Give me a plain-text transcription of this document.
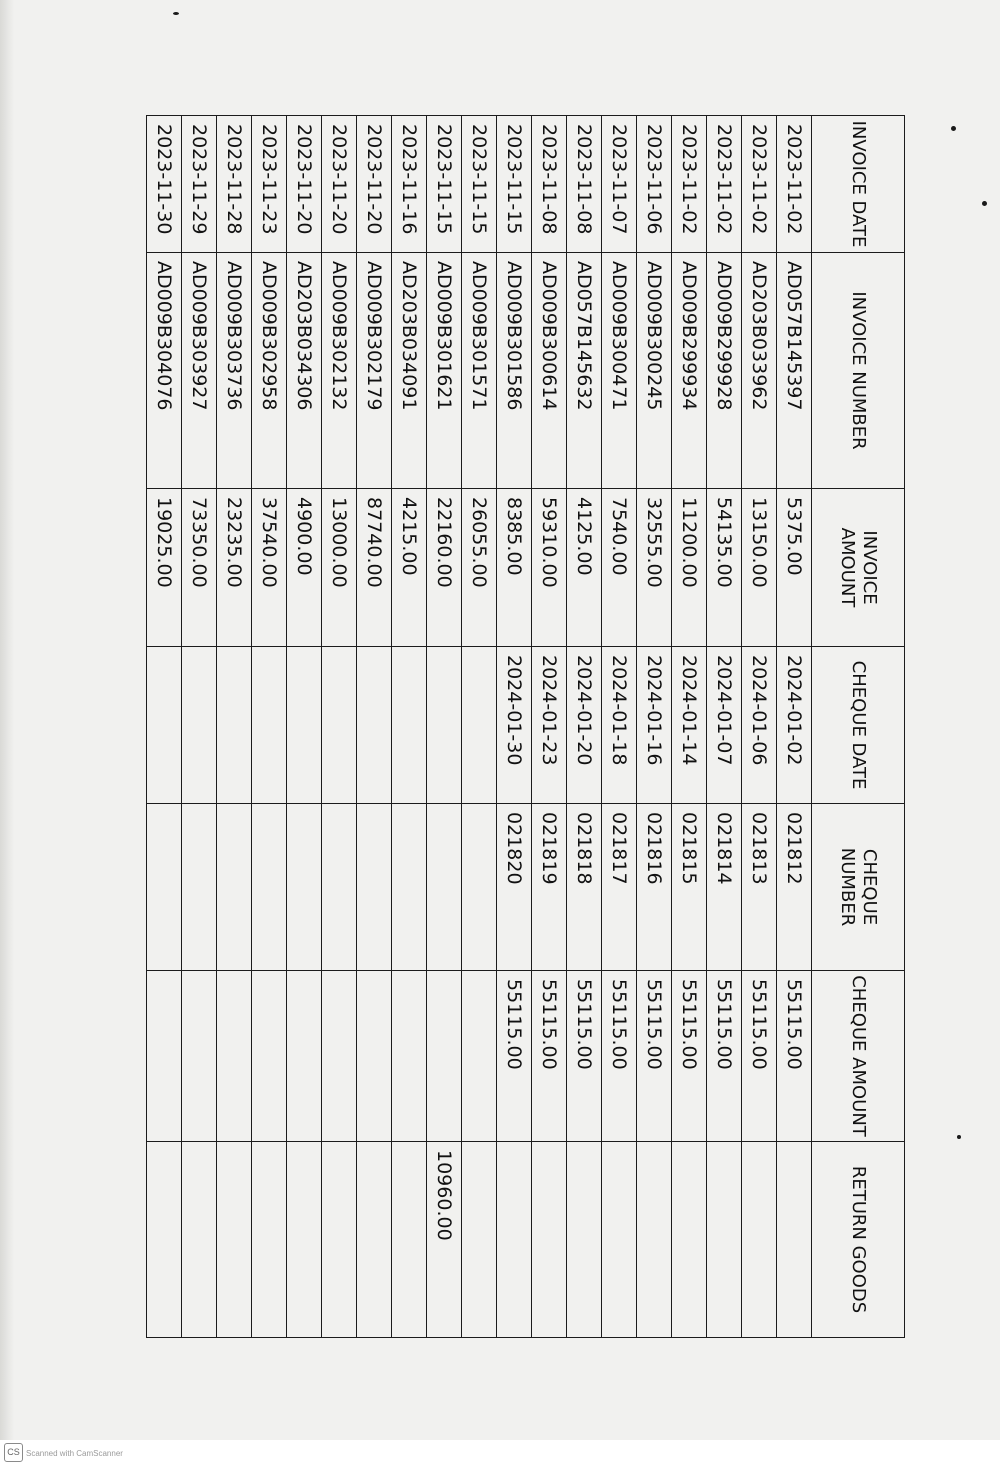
INVOICE DATE	INVOICE NUMBER	INVOICE AMOUNT	CHEQUE DATE	CHEQUE NUMBER	CHEQUE AMOUNT	RETURN GOODS
2023-11-02	AD057B145397	5375.00	2024-01-02	021812	55115.00	
2023-11-02	AD203B033962	13150.00	2024-01-06	021813	55115.00	
2023-11-02	AD009B299928	54135.00	2024-01-07	021814	55115.00	
2023-11-02	AD009B299934	11200.00	2024-01-14	021815	55115.00	
2023-11-06	AD009B300245	32555.00	2024-01-16	021816	55115.00	
2023-11-07	AD009B300471	7540.00	2024-01-18	021817	55115.00	
2023-11-08	AD057B145632	4125.00	2024-01-20	021818	55115.00	
2023-11-08	AD009B300614	59310.00	2024-01-23	021819	55115.00	
2023-11-15	AD009B301586	8385.00	2024-01-30	021820	55115.00	
2023-11-15	AD009B301571	26055.00				
2023-11-15	AD009B301621	22160.00				10960.00
2023-11-16	AD203B034091	4215.00				
2023-11-20	AD009B302179	87740.00				
2023-11-20	AD009B302132	13000.00				
2023-11-20	AD203B034306	4900.00				
2023-11-23	AD009B302958	37540.00				
2023-11-28	AD009B303736	23235.00				
2023-11-29	AD009B303927	73350.00				
2023-11-30	AD009B304076	19025.00				
CS Scanned with CamScanner
